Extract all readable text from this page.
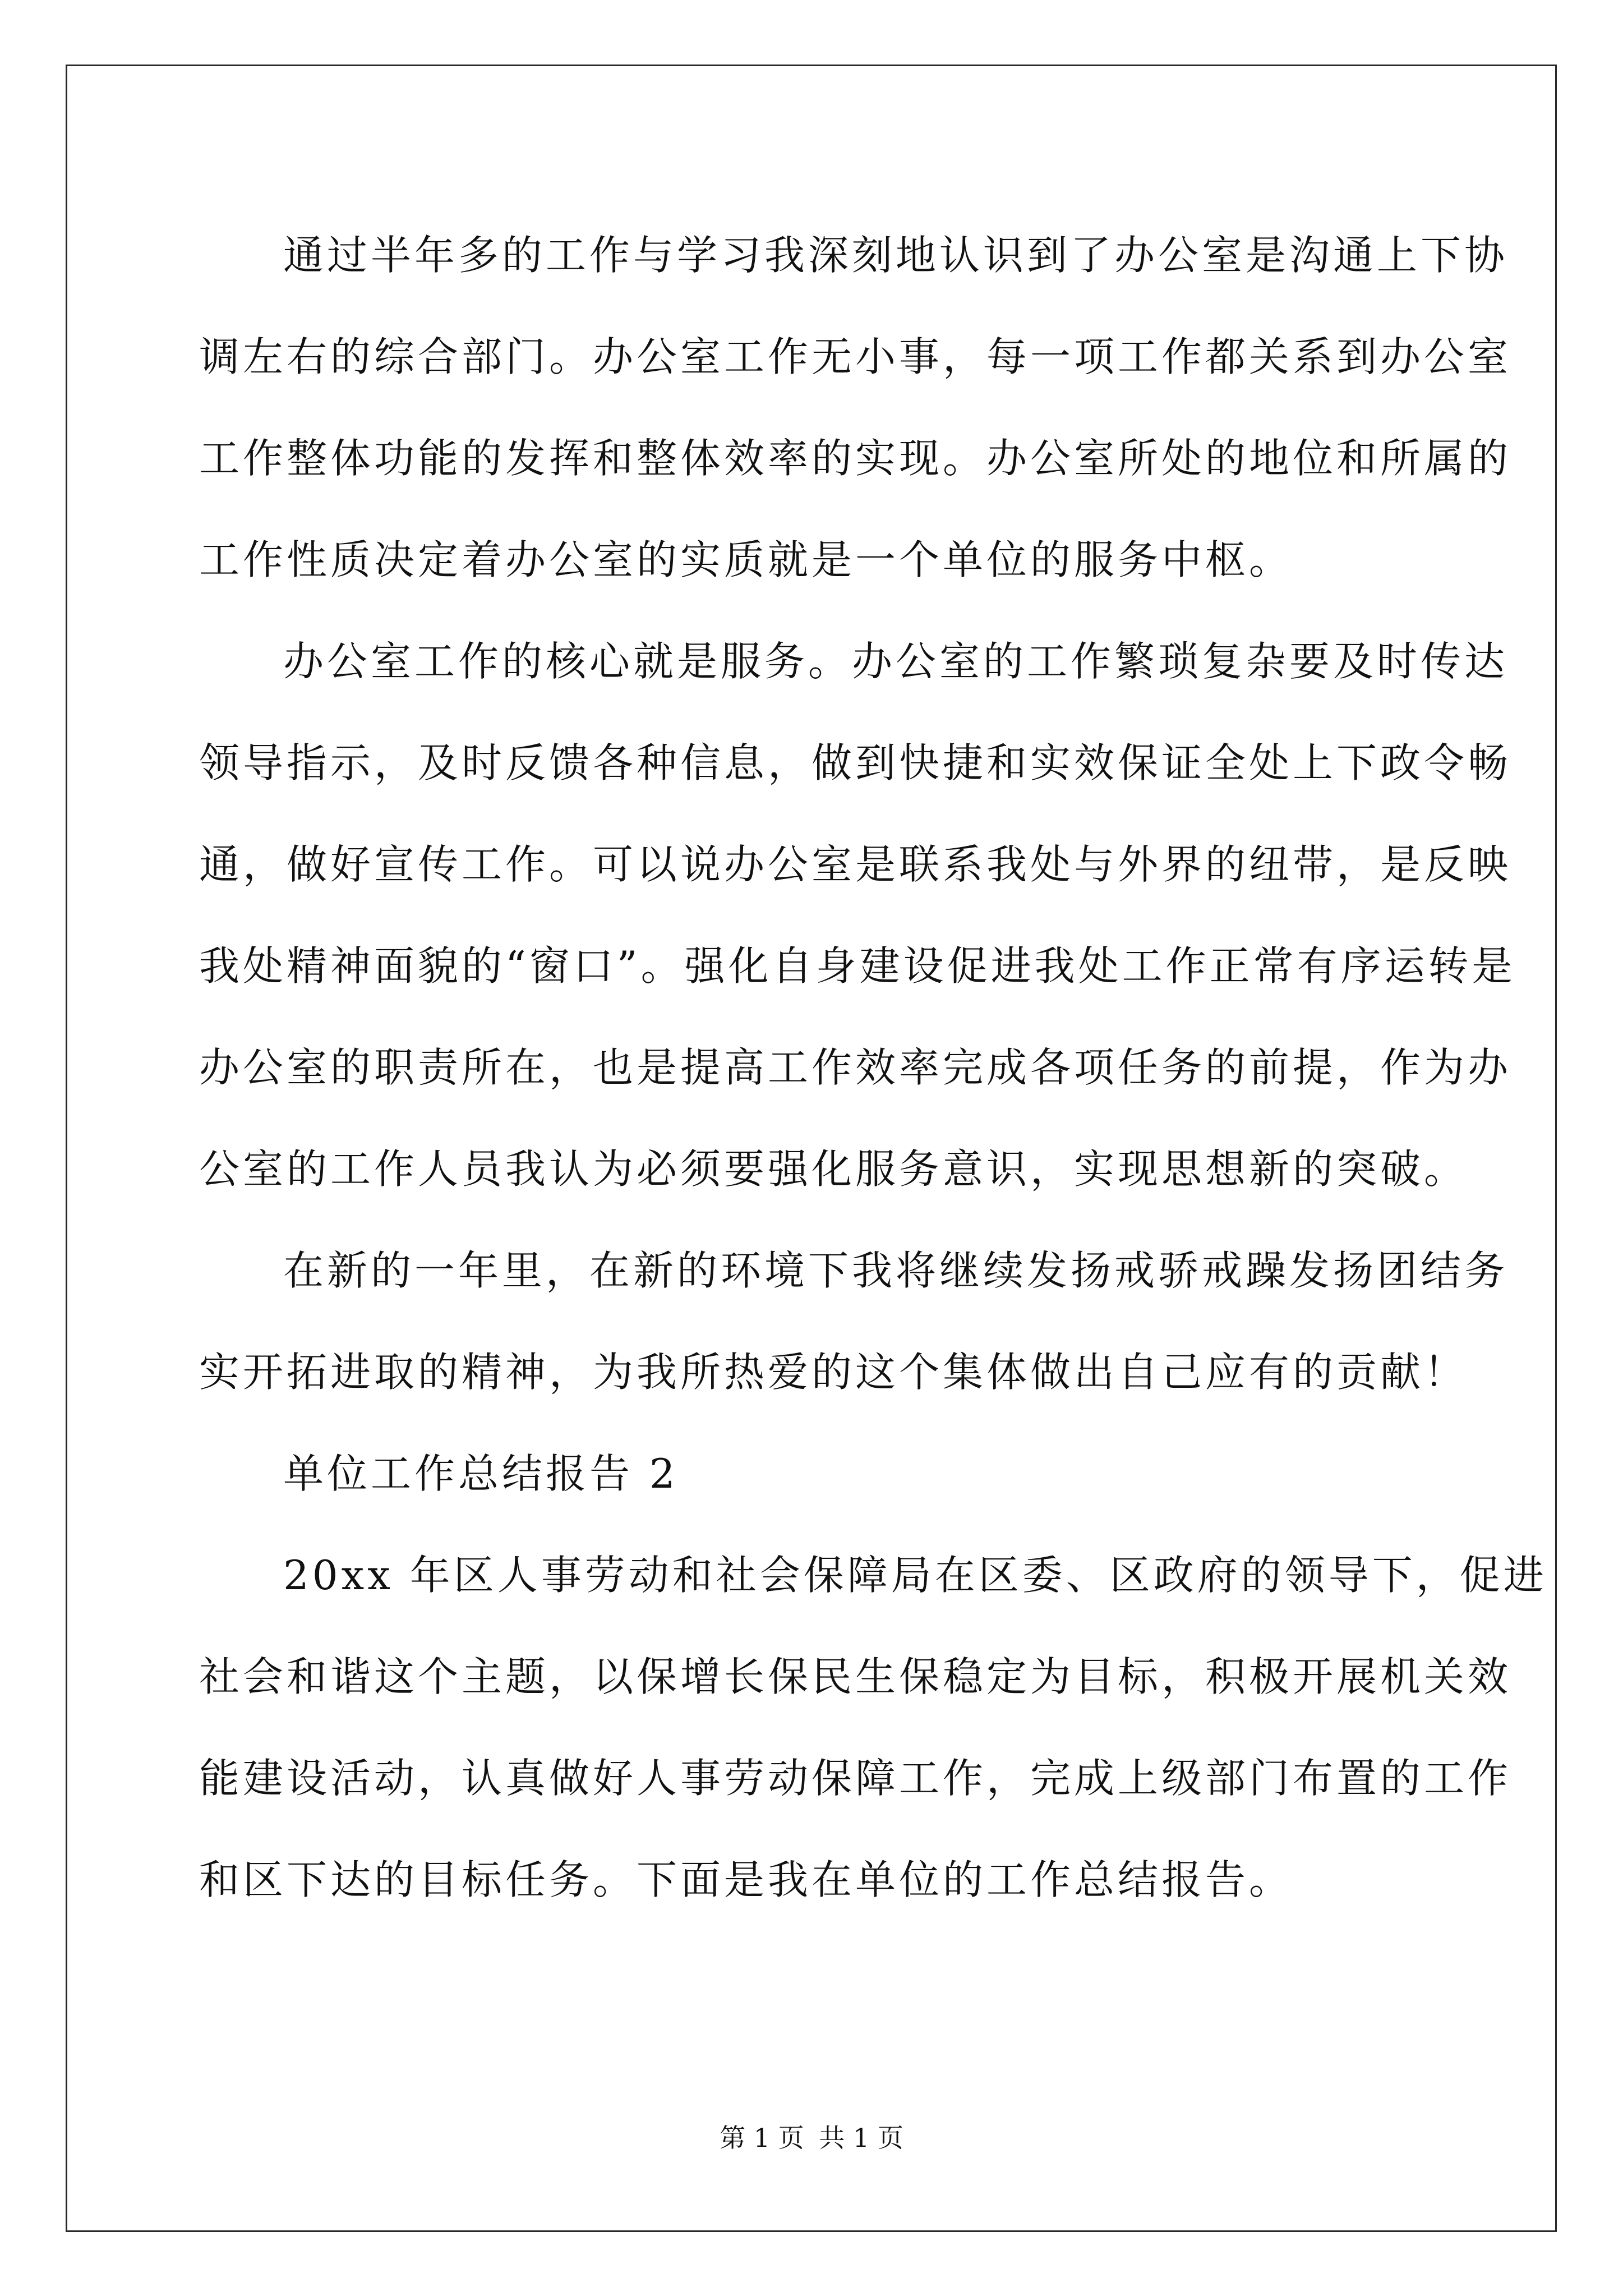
通过半年多的工作与学习我深刻地认识到了办公室是沟通上下协
调左右的综合部门。办公室工作无小事，每一项工作都关系到办公室
工作整体功能的发挥和整体效率的实现。办公室所处的地位和所属的
工作性质决定着办公室的实质就是一个单位的服务中枢。
办公室工作的核心就是服务。办公室的工作繁琐复杂要及时传达
领导指示，及时反馈各种信息，做到快捷和实效保证全处上下政令畅
通，做好宣传工作。可以说办公室是联系我处与外界的纽带，是反映
我处精神面貌的“窗口”。强化自身建设促进我处工作正常有序运转是
办公室的职责所在，也是提高工作效率完成各项任务的前提，作为办
公室的工作人员我认为必须要强化服务意识，实现思想新的突破。
在新的一年里，在新的环境下我将继续发扬戒骄戒躁发扬团结务
实开拓进取的精神，为我所热爱的这个集体做出自己应有的贡献！
单位工作总结报告 2
20xx 年区人事劳动和社会保障局在区委、区政府的领导下，促进
社会和谐这个主题，以保增长保民生保稳定为目标，积极开展机关效
能建设活动，认真做好人事劳动保障工作，完成上级部门布置的工作
和区下达的目标任务。下面是我在单位的工作总结报告。
第 1 页 共 1 页
